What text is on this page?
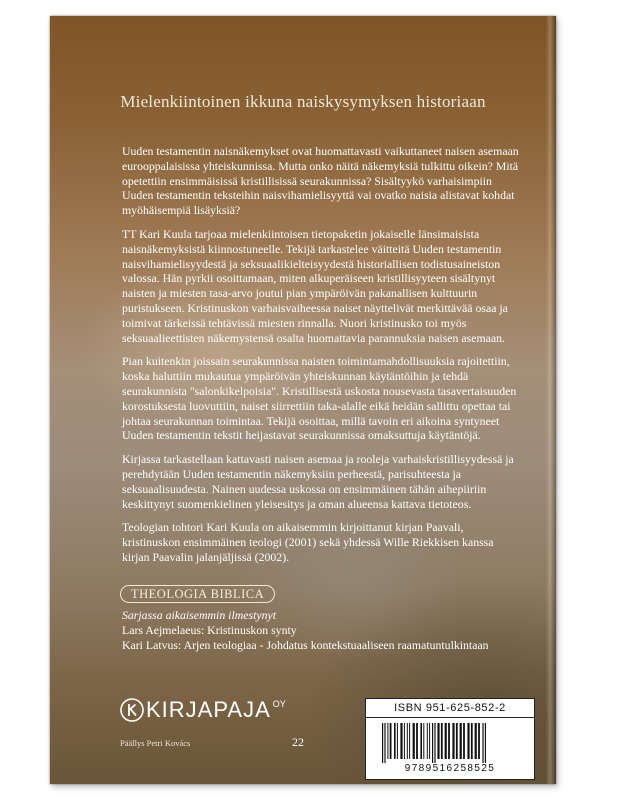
Mielenkiintoinen ikkuna naiskysymyksen historiaan

Uuden testamentin naisnäkemykset ovat huomattavasti vaikuttaneet naisen asemaan eurooppalaisissa yhteiskunnissa. Mutta onko näitä näkemyksiä tulkittu oikein? Mitä opetettiin ensimmäisissä kristillisissä seurakunnissa? Sisältyykö varhaisimpiin Uuden testamentin teksteihin naisvihamielisyyttä vai ovatko naisia alistavat kohdat myöhäisempiä lisäyksiä?

TT Kari Kuula tarjoaa mielenkiintoisen tietopaketin jokaiselle länsimaisista naisnäkemyksistä kiinnostuneelle. Tekijä tarkastelee väitteitä Uuden testamentin naisvihamielisyydestä ja seksuaalikielteisyydestä historiallisen todistusaineiston valossa. Hän pyrkii osoittamaan, miten alkuperäiseen kristillisyyteen sisältynyt naisten ja miesten tasa-arvo joutui pian ympäröivän pakanallisen kulttuurin puristukseen. Kristinuskon varhaisvaiheessa naiset näyttelivät merkittävää osaa ja toimivat tärkeissä tehtävissä miesten rinnalla. Nuori kristinusko toi myös seksuaalieettisten näkemystensä osalta huomattavia parannuksia naisen asemaan.

Pian kuitenkin joissain seurakunnissa naisten toimintamahdollisuuksia rajoitettiin, koska haluttiin mukautua ympäröivän yhteiskunnan käytäntöihin ja tehdä seurakunnista "salonkikelpoisia". Kristillisestä uskosta nousevasta tasavertaisuuden korostuksesta luovuttiin, naiset siirrettiin taka-alalle eikä heidän sallittu opettaa tai johtaa seurakunnan toimintaa. Tekijä osoittaa, millä tavoin eri aikoina syntyneet Uuden testamentin tekstit heijastavat seurakunnissa omaksuttuja käytäntöjä.

Kirjassa tarkastellaan kattavasti naisen asemaa ja rooleja varhaiskristillisyydessä ja perehdytään Uuden testamentin näkemyksiin perheestä, parisuhteesta ja seksuaalisuudesta. Nainen uudessa uskossa on ensimmäinen tähän aihepiiriin keskittynyt suomenkielinen yleisesitys ja oman alueensa kattava tietoteos.

Teologian tohtori Kari Kuula on aikaisemmin kirjoittanut kirjan Paavali, kristinuskon ensimmäinen teologi (2001) sekä yhdessä Wille Riekkisen kanssa kirjan Paavalin jalanjäljissä (2002).

THEOLOGIA BIBLICA
Sarjassa aikaisemmin ilmestynyt
Lars Aejmelaeus: Kristinuskon synty
Kari Latvus: Arjen teologiaa - Johdatus kontekstuaaliseen raamatuntulkintaan
KIRJAPAJA OY
Päällys Petri Kovács	22
ISBN 951-625-852-2
9789516258525
